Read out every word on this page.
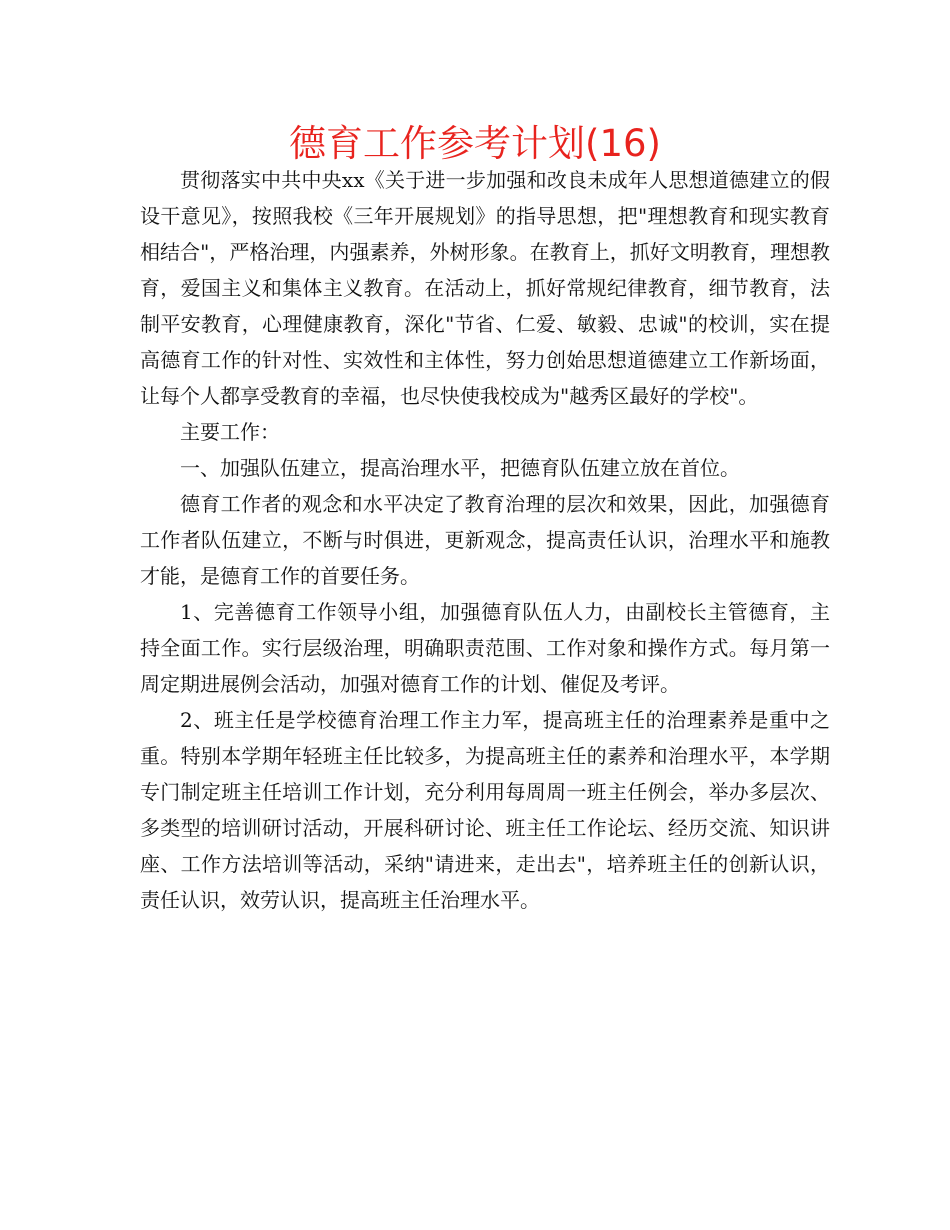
德育工作参考计划(16)

贯彻落实中共中央xx《关于进一步加强和改良未成年人思想道德建立的假设干意见》，按照我校《三年开展规划》的指导思想，把"理想教育和现实教育相结合"，严格治理，内强素养，外树形象。在教育上，抓好文明教育，理想教育，爱国主义和集体主义教育。在活动上，抓好常规纪律教育，细节教育，法制平安教育，心理健康教育，深化"节省、仁爱、敏毅、忠诚"的校训，实在提高德育工作的针对性、实效性和主体性，努力创始思想道德建立工作新场面，让每个人都享受教育的幸福，也尽快使我校成为"越秀区最好的学校"。

主要工作：

一、加强队伍建立，提高治理水平，把德育队伍建立放在首位。

德育工作者的观念和水平决定了教育治理的层次和效果，因此，加强德育工作者队伍建立，不断与时俱进，更新观念，提高责任认识，治理水平和施教才能，是德育工作的首要任务。

1、完善德育工作领导小组，加强德育队伍人力，由副校长主管德育，主持全面工作。实行层级治理，明确职责范围、工作对象和操作方式。每月第一周定期进展例会活动，加强对德育工作的计划、催促及考评。

2、班主任是学校德育治理工作主力军，提高班主任的治理素养是重中之重。特别本学期年轻班主任比较多，为提高班主任的素养和治理水平，本学期专门制定班主任培训工作计划，充分利用每周周一班主任例会，举办多层次、多类型的培训研讨活动，开展科研讨论、班主任工作论坛、经历交流、知识讲座、工作方法培训等活动，采纳"请进来，走出去"，培养班主任的创新认识，责任认识，效劳认识，提高班主任治理水平。
